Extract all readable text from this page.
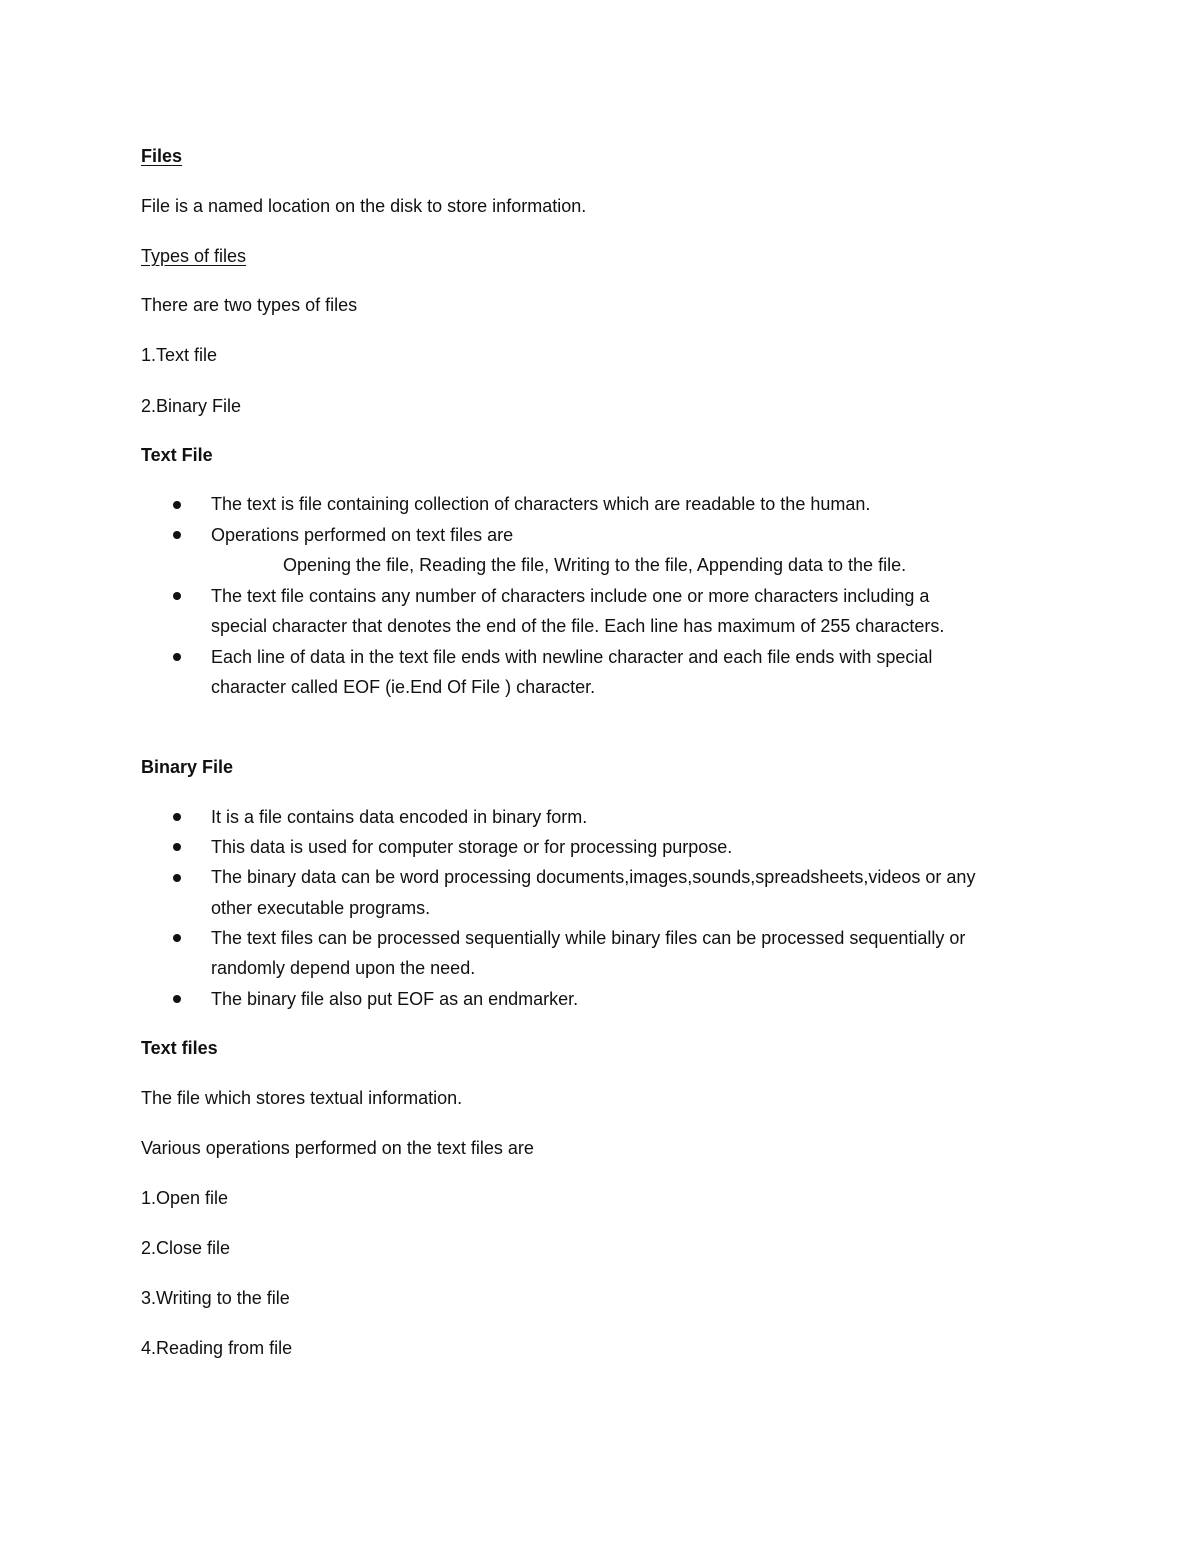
Files
File is a named location on the disk to store information.
Types of files
There are two types of files
1.Text file
2.Binary File
Text File
The text is file containing collection of characters which are readable to the human.
Operations performed on text files are
Opening the file, Reading the file, Writing to the file, Appending data to the file.
The text file contains any number of characters include one or more characters including a
special character that denotes the end of the file. Each line has maximum of 255 characters.
Each line of data in the text file ends with newline character and each file ends with special
character called EOF (ie.End Of File ) character.
Binary File
It is a file contains data encoded in binary form.
This data is used for computer storage or for processing purpose.
The binary data can be word processing documents,images,sounds,spreadsheets,videos or any
other executable programs.
The text files can be processed sequentially while binary files can be processed sequentially or
randomly depend upon the need.
The binary file also put EOF as an endmarker.
Text files
The file which stores textual information.
Various operations performed on the text files are
1.Open file
2.Close file
3.Writing to the file
4.Reading from file
